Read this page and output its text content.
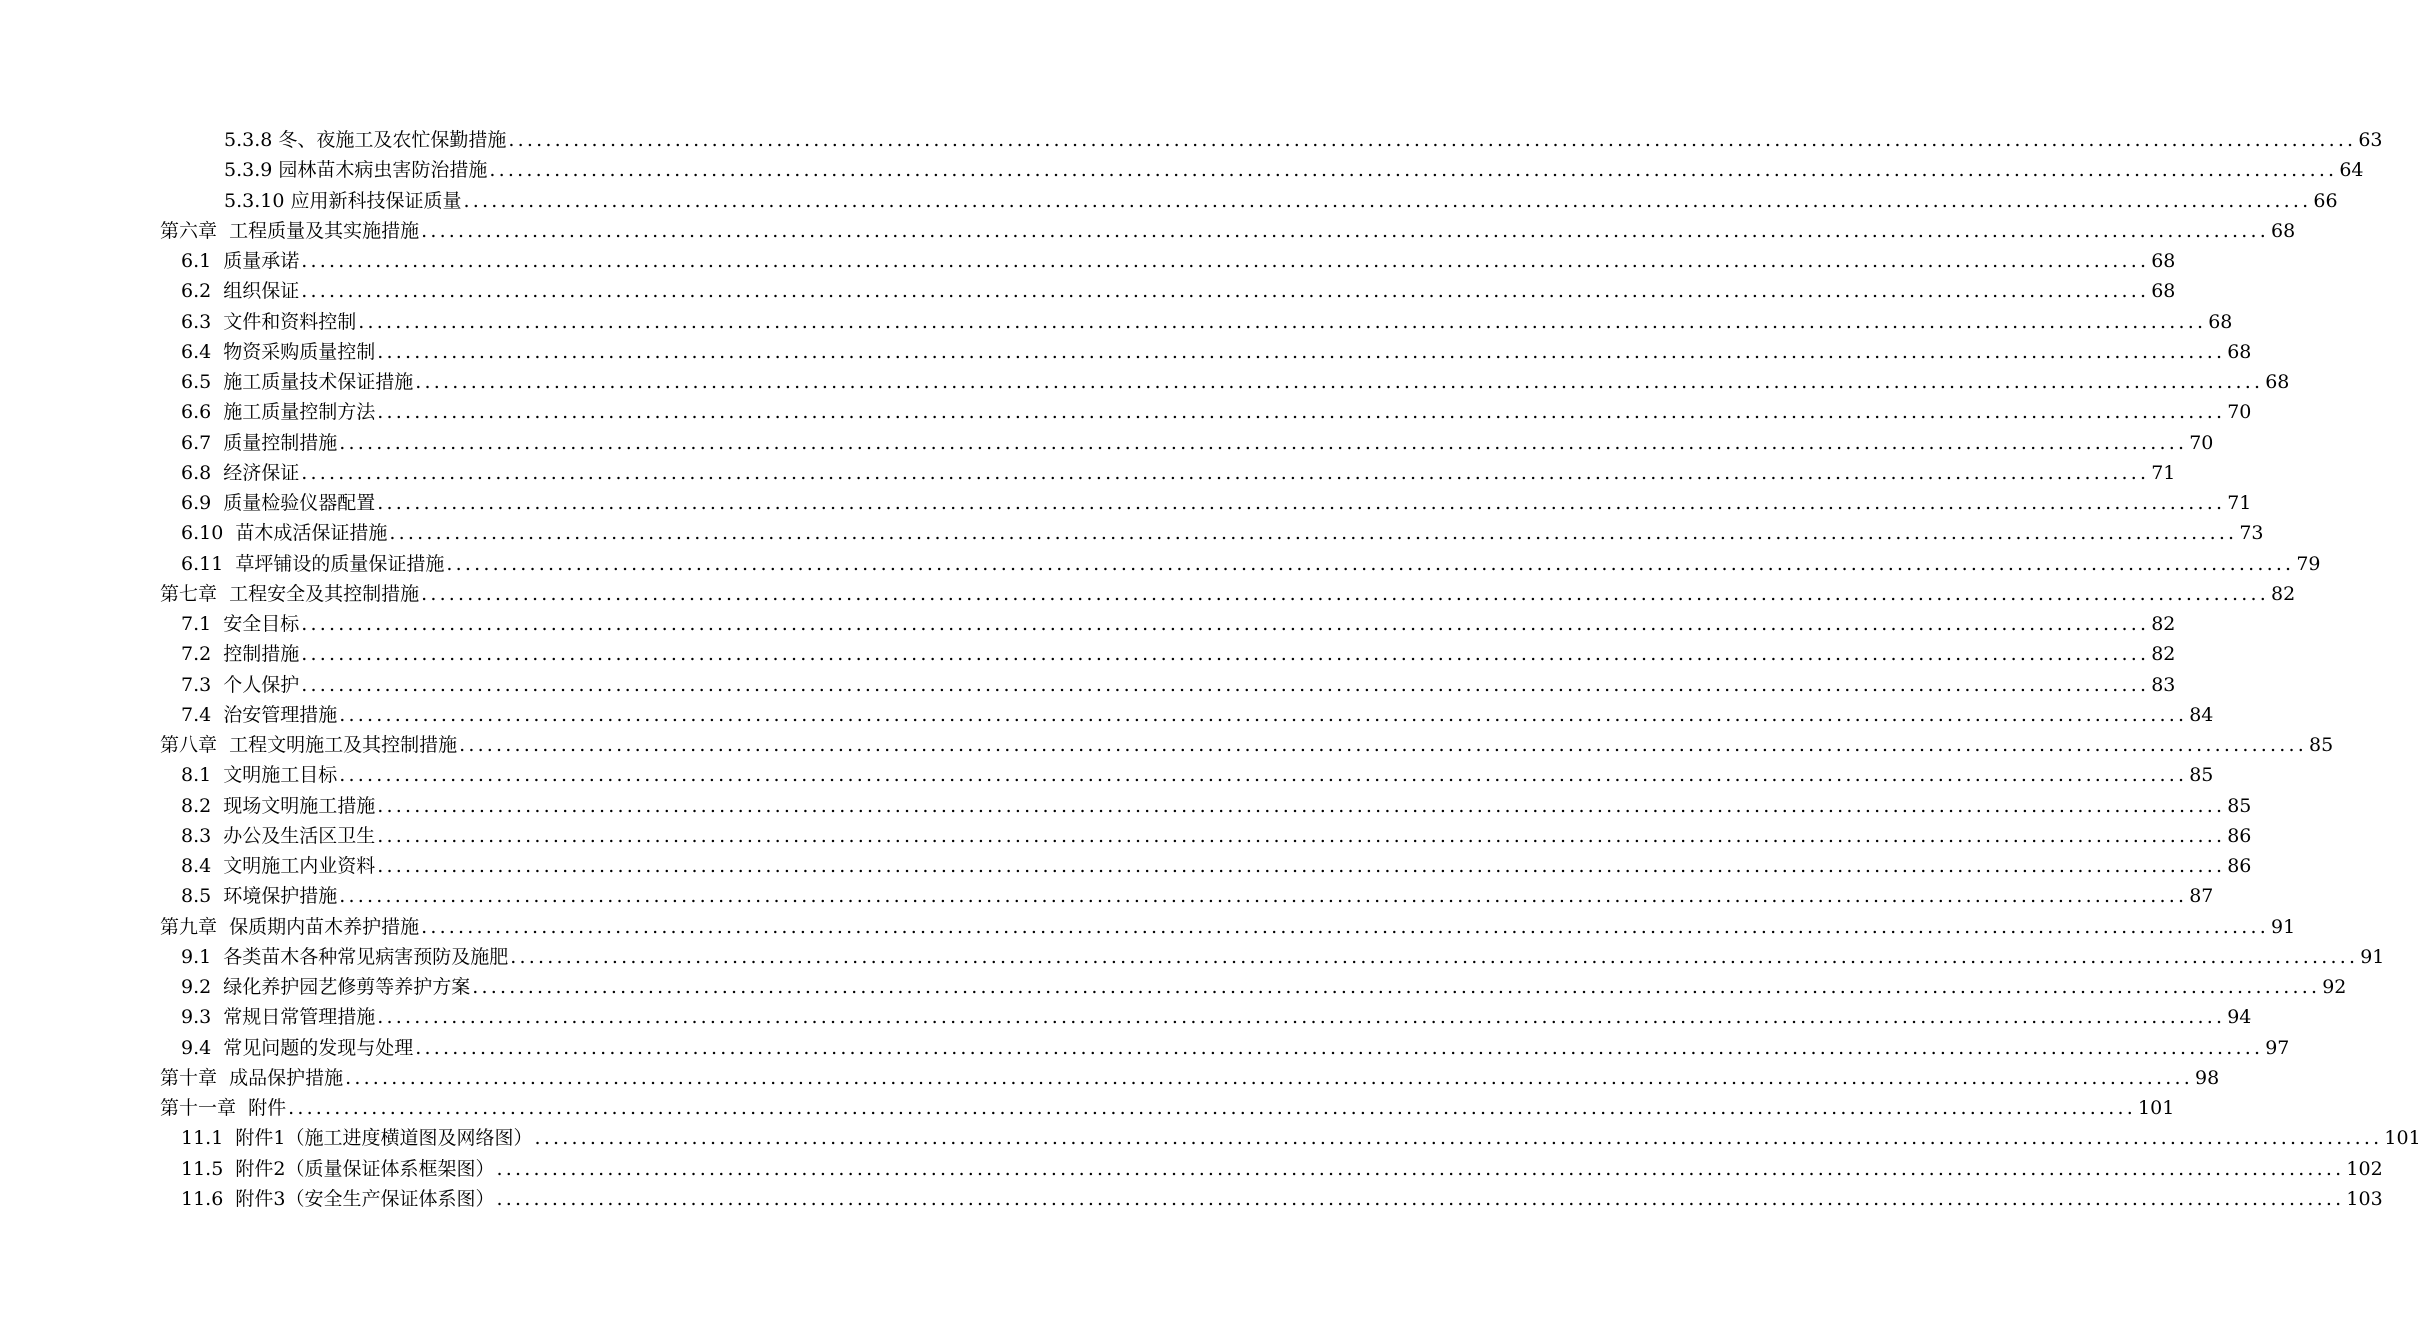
5.3.8 冬、夜施工及农忙保勤措施 ........................................................................................................................................................................................................ 63
5.3.9 园林苗木病虫害防治措施 ........................................................................................................................................................................................................ 64
5.3.10 应用新科技保证质量 ........................................................................................................................................................................................................ 66
第六章  工程质量及其实施措施 ........................................................................................................................................................................................................ 68
6.1  质量承诺 ........................................................................................................................................................................................................ 68
6.2  组织保证 ........................................................................................................................................................................................................ 68
6.3  文件和资料控制 ........................................................................................................................................................................................................ 68
6.4  物资采购质量控制 ........................................................................................................................................................................................................ 68
6.5  施工质量技术保证措施 ........................................................................................................................................................................................................ 68
6.6  施工质量控制方法 ........................................................................................................................................................................................................ 70
6.7  质量控制措施 ........................................................................................................................................................................................................ 70
6.8  经济保证 ........................................................................................................................................................................................................ 71
6.9  质量检验仪器配置 ........................................................................................................................................................................................................ 71
6.10  苗木成活保证措施 ........................................................................................................................................................................................................ 73
6.11  草坪铺设的质量保证措施 ........................................................................................................................................................................................................ 79
第七章  工程安全及其控制措施 ........................................................................................................................................................................................................ 82
7.1  安全目标 ........................................................................................................................................................................................................ 82
7.2  控制措施 ........................................................................................................................................................................................................ 82
7.3  个人保护 ........................................................................................................................................................................................................ 83
7.4  治安管理措施 ........................................................................................................................................................................................................ 84
第八章  工程文明施工及其控制措施 ........................................................................................................................................................................................................ 85
8.1  文明施工目标 ........................................................................................................................................................................................................ 85
8.2  现场文明施工措施 ........................................................................................................................................................................................................ 85
8.3  办公及生活区卫生 ........................................................................................................................................................................................................ 86
8.4  文明施工内业资料 ........................................................................................................................................................................................................ 86
8.5  环境保护措施 ........................................................................................................................................................................................................ 87
第九章  保质期内苗木养护措施 ........................................................................................................................................................................................................ 91
9.1  各类苗木各种常见病害预防及施肥 ........................................................................................................................................................................................................ 91
9.2  绿化养护园艺修剪等养护方案 ........................................................................................................................................................................................................ 92
9.3  常规日常管理措施 ........................................................................................................................................................................................................ 94
9.4  常见问题的发现与处理 ........................................................................................................................................................................................................ 97
第十章  成品保护措施 ........................................................................................................................................................................................................ 98
第十一章  附件 ........................................................................................................................................................................................................ 101
11.1  附件1（施工进度横道图及网络图） ........................................................................................................................................................................................................ 101
11.5  附件2（质量保证体系框架图） ........................................................................................................................................................................................................ 102
11.6  附件3（安全生产保证体系图） ........................................................................................................................................................................................................ 103
